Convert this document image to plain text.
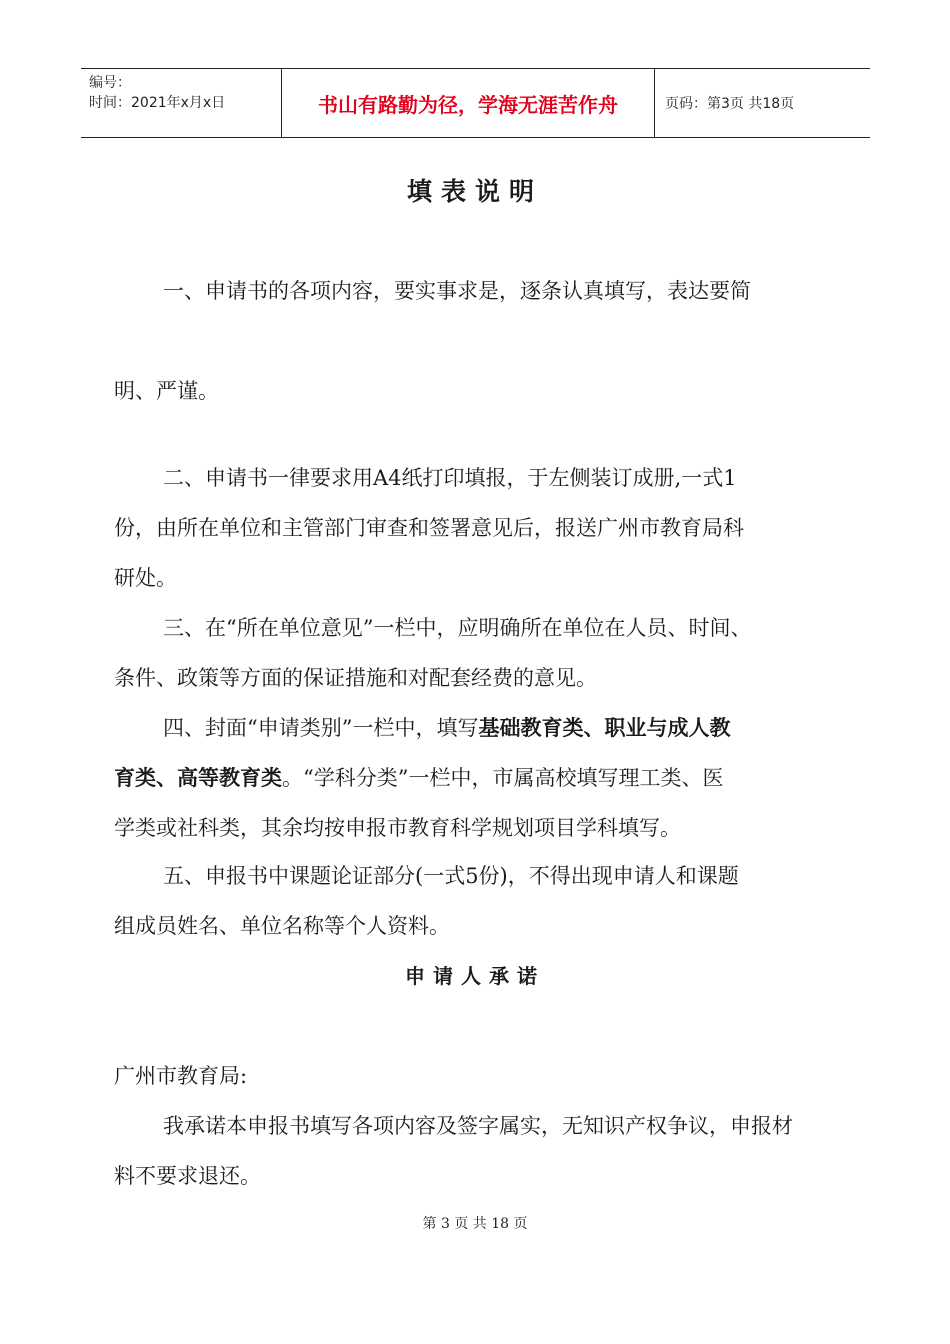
编号：
时间：2021年x月x日	书山有路勤为径，学海无涯苦作舟	页码：第3页 共18页
填表说明
一、申请书的各项内容，要实事求是，逐条认真填写，表达要简
明、严谨。
二、申请书一律要求用A4纸打印填报，于左侧装订成册,一式1
份，由所在单位和主管部门审查和签署意见后，报送广州市教育局科
研处。
三、在“所在单位意见”一栏中，应明确所在单位在人员、时间、
条件、政策等方面的保证措施和对配套经费的意见。
四、封面“申请类别”一栏中，填写基础教育类、职业与成人教
育类、高等教育类。“学科分类”一栏中，市属高校填写理工类、医
学类或社科类，其余均按申报市教育科学规划项目学科填写。
五、申报书中课题论证部分(一式5份)，不得出现申请人和课题
组成员姓名、单位名称等个人资料。
申请人承诺
广州市教育局:
我承诺本申报书填写各项内容及签字属实，无知识产权争议，申报材
料不要求退还。
第 3 页 共 18 页
